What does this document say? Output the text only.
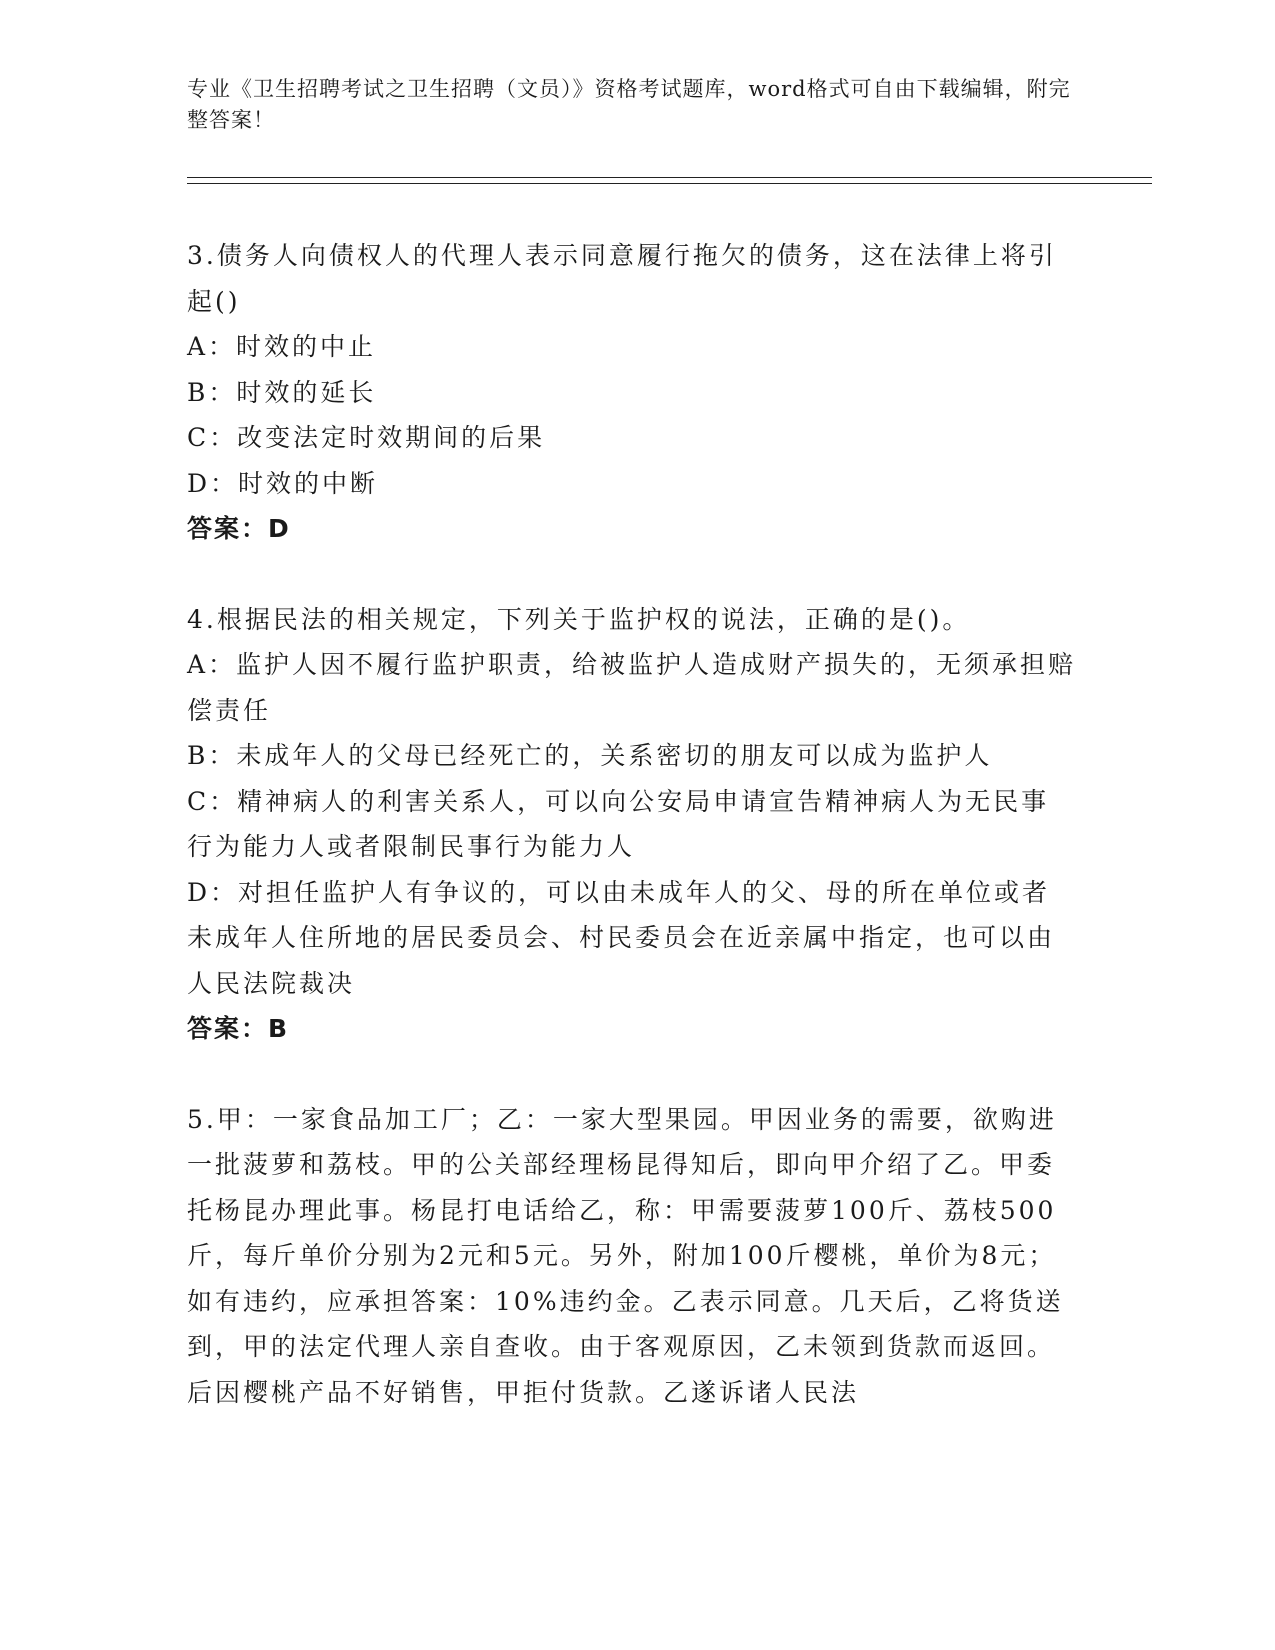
专业《卫生招聘考试之卫生招聘（文员）》资格考试题库，word格式可自由下载编辑，附完整答案！

3.债务人向债权人的代理人表示同意履行拖欠的债务，这在法律上将引起()

A：时效的中止

B：时效的延长

C：改变法定时效期间的后果

D：时效的中断

答案：D

4.根据民法的相关规定，下列关于监护权的说法，正确的是()。

A：监护人因不履行监护职责，给被监护人造成财产损失的，无须承担赔偿责任

B：未成年人的父母已经死亡的，关系密切的朋友可以成为监护人

C：精神病人的利害关系人，可以向公安局申请宣告精神病人为无民事行为能力人或者限制民事行为能力人

D：对担任监护人有争议的，可以由未成年人的父、母的所在单位或者未成年人住所地的居民委员会、村民委员会在近亲属中指定，也可以由人民法院裁决

答案：B

5.甲：一家食品加工厂；乙：一家大型果园。甲因业务的需要，欲购进一批菠萝和荔枝。甲的公关部经理杨昆得知后，即向甲介绍了乙。甲委托杨昆办理此事。杨昆打电话给乙，称：甲需要菠萝100斤、荔枝500斤，每斤单价分别为2元和5元。另外，附加100斤樱桃，单价为8元；如有违约，应承担答案：10%违约金。乙表示同意。几天后，乙将货送到，甲的法定代理人亲自查收。由于客观原因，乙未领到货款而返回。后因樱桃产品不好销售，甲拒付货款。乙遂诉诸人民法
